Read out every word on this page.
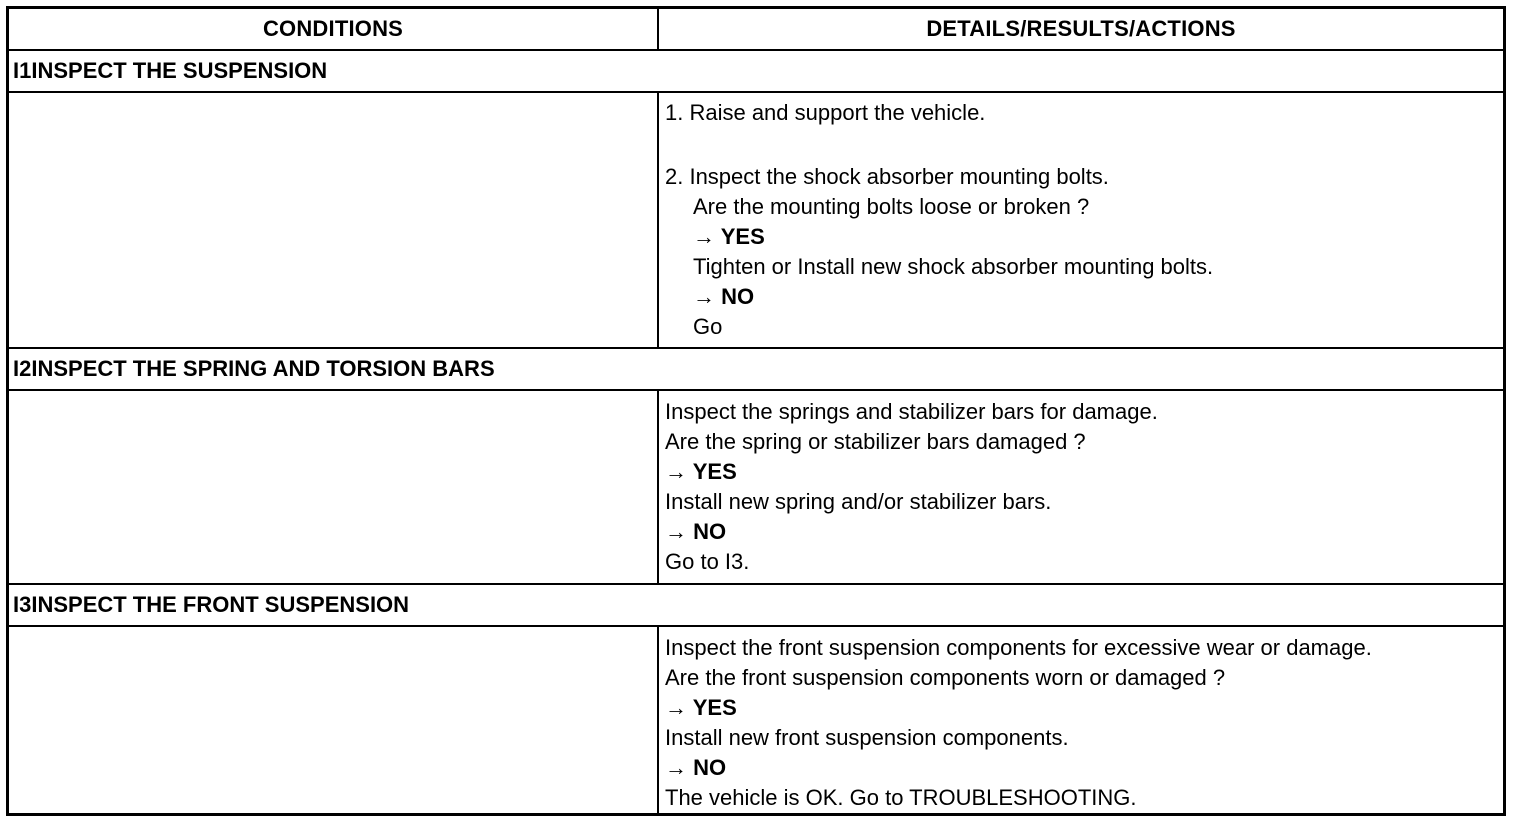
CONDITIONS	DETAILS/RESULTS/ACTIONS
I1INSPECT THE SUSPENSION
1. Raise and support the vehicle.
2. Inspect the shock absorber mounting bolts.
Are the mounting bolts loose or broken ?
→ YES
Tighten or Install new shock absorber mounting bolts.
→ NO
Go
I2INSPECT THE SPRING AND TORSION BARS
Inspect the springs and stabilizer bars for damage.
Are the spring or stabilizer bars damaged ?
→ YES
Install new spring and/or stabilizer bars.
→ NO
Go to I3.
I3INSPECT THE FRONT SUSPENSION
Inspect the front suspension components for excessive wear or damage.
Are the front suspension components worn or damaged ?
→ YES
Install new front suspension components.
→ NO
The vehicle is OK. Go to TROUBLESHOOTING.
